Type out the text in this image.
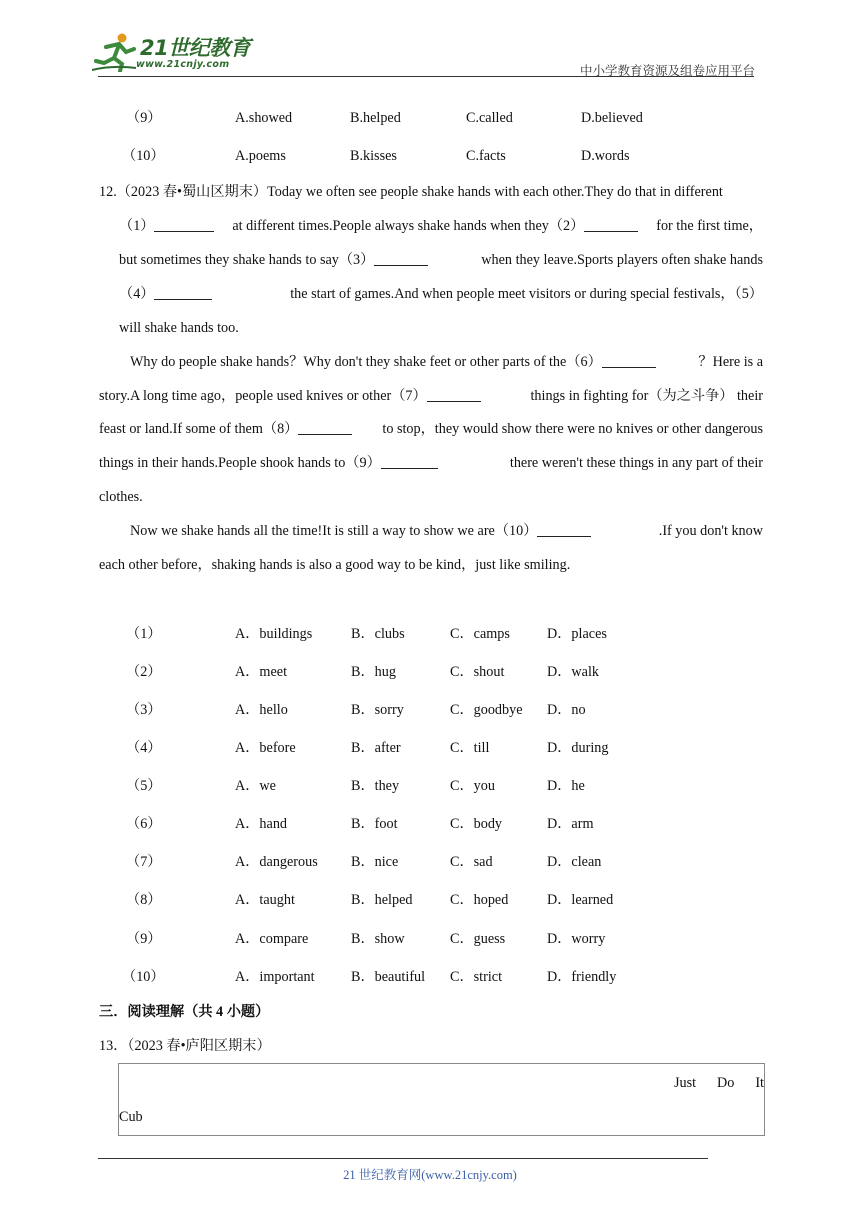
21世纪教育
www.21cnjy.com	中小学教育资源及组卷应用平台
（9）	A.showed	B.helped	C.called	D.believed
（10）	A.poems	B.kisses	C.facts	D.words
12.（2023 春•蜀山区期末）Today we often see people shake hands with each other.They do that in different
（1）	at different times.People always shake hands when they（2）	for the first time，
but sometimes they shake hands to say（3）	when they leave.Sports players often shake hands
（4）	the start of games.And when people meet visitors or during special festivals，（5）
will shake hands too.
Why do people shake hands？Why don't they shake feet or other parts of the（6）	？Here is a
story.A long time ago，people used knives or other（7）	things in fighting for（为之斗争） their
feast or land.If some of them（8）	to stop，they would show there were no knives or other dangerous
things in their hands.People shook hands to（9）	there weren't these things in any part of their
clothes.
Now we shake hands all the time!It is still a way to show we are（10）	.If you don't know
each other before，shaking hands is also a good way to be kind，just like smiling.
（1）	A．buildings	B．clubs	C．camps	D．places
（2）	A．meet	B．hug	C．shout	D．walk
（3）	A．hello	B．sorry	C．goodbye D．no
（4）	A．before	B．after	C．till	D．during
（5）	A．we	B．they	C．you	D．he
（6）	A．hand	B．foot	C．body	D．arm
（7）	A．dangerous B．nice	C．sad	D．clean
（8）	A．taught	B．helped	C．hoped	D．learned
（9）	A．compare	B．show	C．guess	D．worry
（10）	A．important	B．beautiful C．strict	D．friendly
三．阅读理解（共 4 小题）
13．（2023 春•庐阳区期末）
Just Do It
Cub
21 世纪教育网(www.21cnjy.com)
